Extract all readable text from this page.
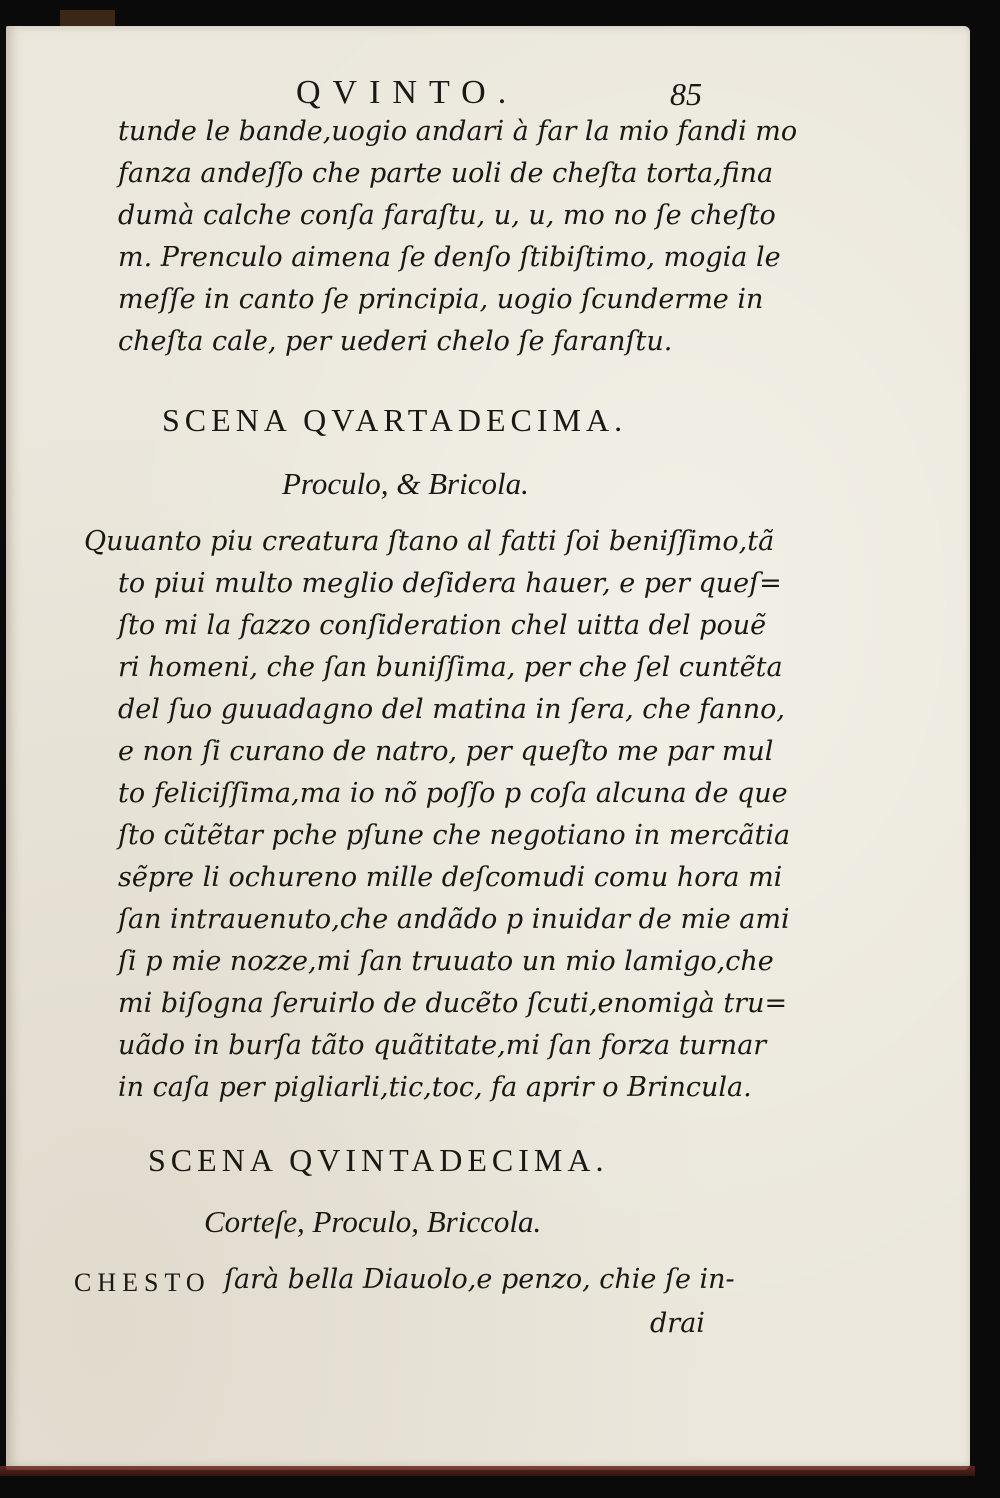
QVINTO.	85
tunde le bande,uogio andari à far la mio fandi mo
fanza andeſſo che parte uoli de cheſta torta,fina
dumà calche conſa faraſtu, u, u, mo no ſe cheſto
m. Prenculo aimena ſe denſo ſtibiſtimo, mogia le
meſſe in canto ſe principia, uogio ſcunderme in
cheſta cale, per uederi chelo ſe faranſtu.
SCENA QVARTADECIMA.
Proculo, & Bricola.
Quuanto piu creatura ſtano al fatti ſoi beniſſimo,tã
to piui multo meglio deſidera hauer, e per queſ=
ſto mi la fazzo conſideration chel uitta del pouẽ
ri homeni, che ſan buniſſima, per che ſel cuntẽta
del ſuo guuadagno del matina in ſera, che fanno,
e non ſi curano de natro, per queſto me par mul
to feliciſſima,ma io nõ poſſo p coſa alcuna de que
ſto cũtẽtar pche pſune che negotiano in mercãtia
sẽpre li ochureno mille deſcomudi comu hora mi
ſan intrauenuto,che andãdo p inuidar de mie ami
ſi p mie nozze,mi ſan truuato un mio lamigo,che
mi biſogna ſeruirlo de ducẽto ſcuti,enomigà tru=
uãdo in burſa tãto quãtitate,mi ſan forza turnar
in caſa per pigliarli,tic,toc, fa aprir o Brincula.
SCENA QVINTADECIMA.
Corteſe, Proculo, Briccola.
CHESTO ſarà bella Diauolo,e penzo, chie ſe in-
drai
